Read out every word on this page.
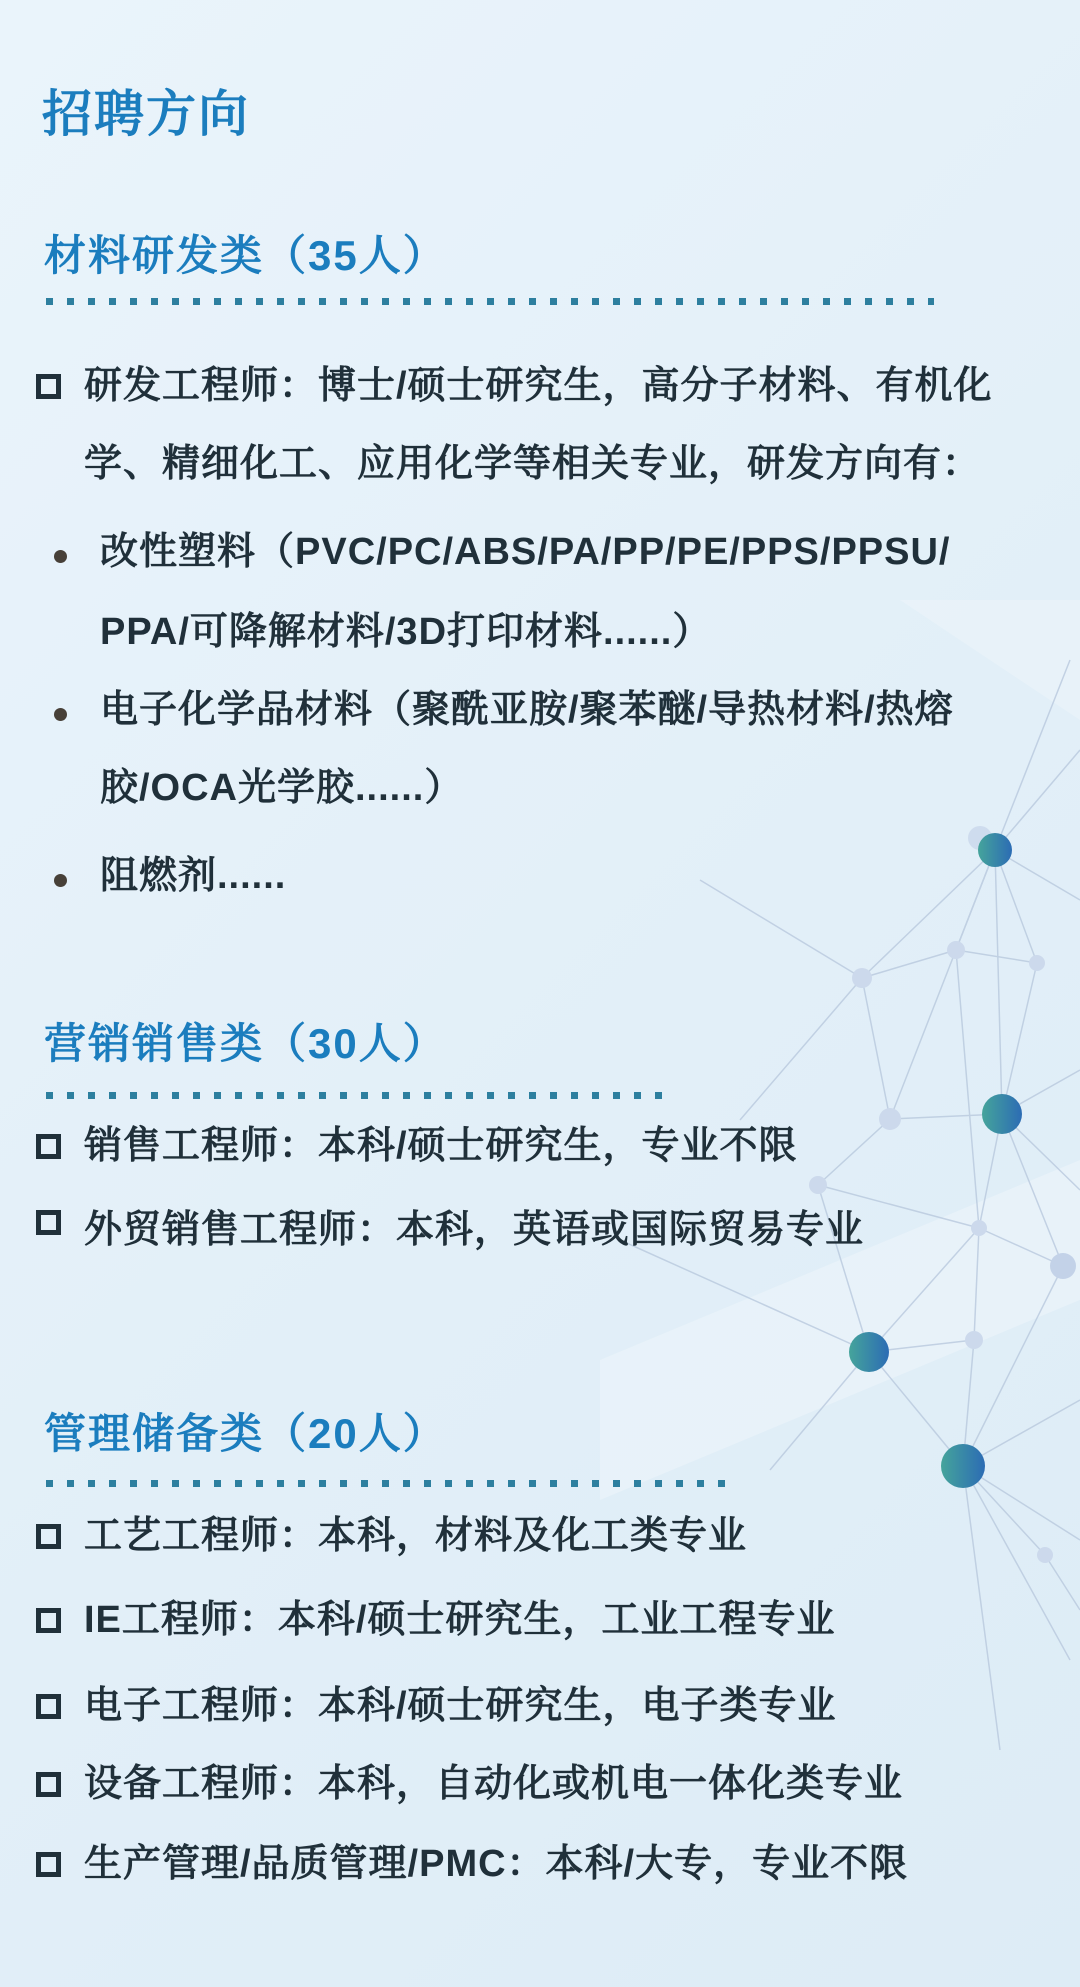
招聘方向
材料研发类（35人）
研发工程师：博士/硕士研究生，高分子材料、有机化
学、精细化工、应用化学等相关专业，研发方向有：
改性塑料（PVC/PC/ABS/PA/PP/PE/PPS/PPSU/
PPA/可降解材料/3D打印材料......）
电子化学品材料（聚酰亚胺/聚苯醚/导热材料/热熔
胶/OCA光学胶......）
阻燃剂......
营销销售类（30人）
销售工程师：本科/硕士研究生，专业不限
外贸销售工程师：本科，英语或国际贸易专业
管理储备类（20人）
工艺工程师：本科，材料及化工类专业
IE工程师：本科/硕士研究生，工业工程专业
电子工程师：本科/硕士研究生，电子类专业
设备工程师：本科，自动化或机电一体化类专业
生产管理/品质管理/PMC：本科/大专，专业不限
